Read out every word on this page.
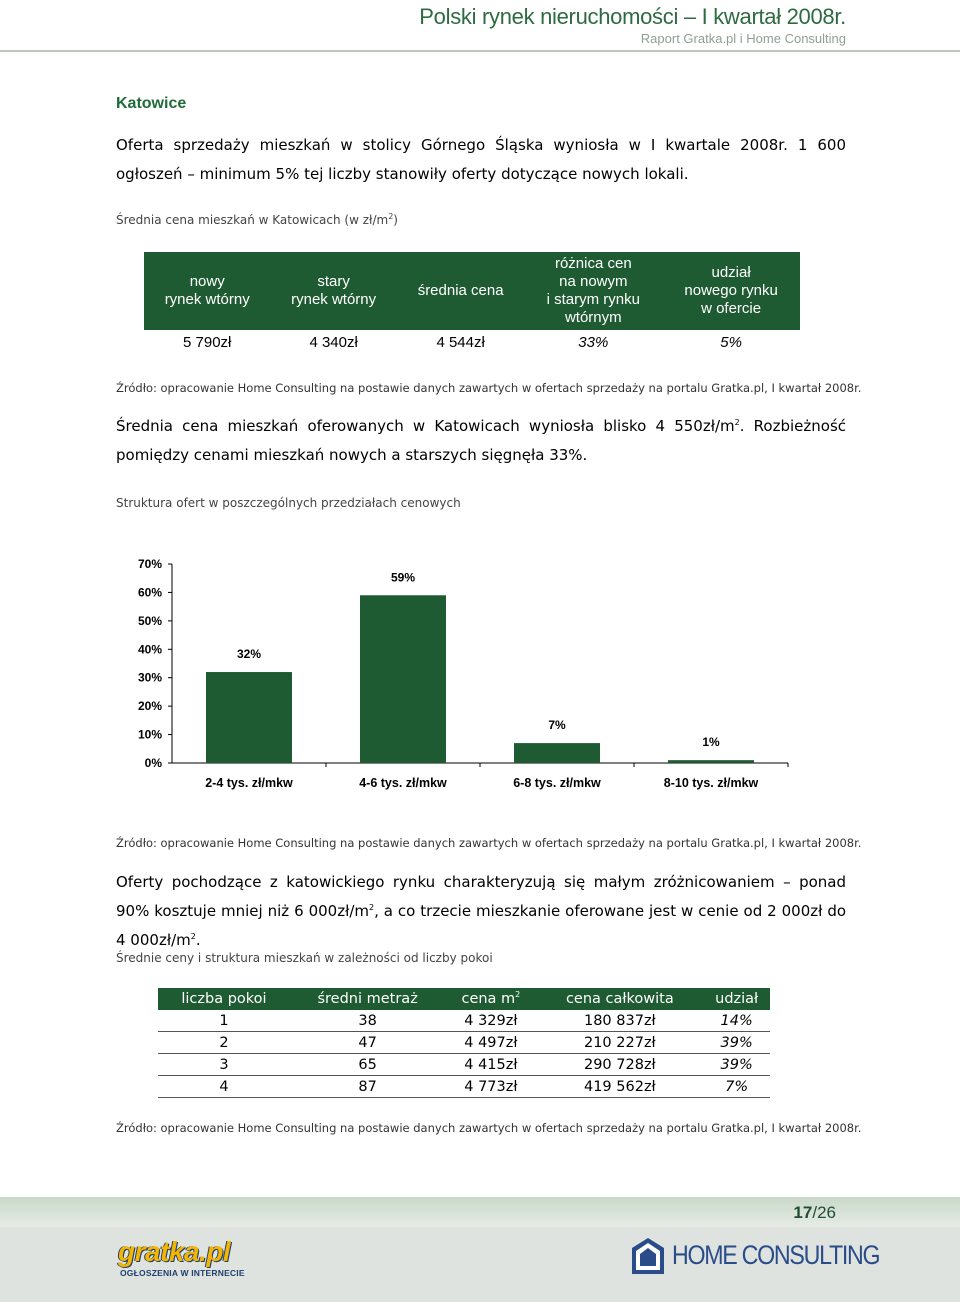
Polski rynek nieruchomości – I kwartał 2008r.
Raport Gratka.pl i Home Consulting
Katowice

Oferta sprzedaży mieszkań w stolicy Górnego Śląska wyniosła w I kwartale 2008r. 1 600 ogłoszeń – minimum 5% tej liczby stanowiły oferty dotyczące nowych lokali.

Średnia cena mieszkań w Katowicach (w $zł/m^2$)
nowy
rynek wtórny	stary
rynek wtórny	średnia cena	różnica cen
na nowym
i starym rynku
wtórnym	udział
nowego rynku
w ofercie
5 790zł	4 340zł	4 544zł	33%	5%
Źródło: opracowanie Home Consulting na postawie danych zawartych w ofertach sprzedaży na portalu Gratka.pl, I kwartał 2008r.

Średnia cena mieszkań oferowanych w Katowicach wyniosła blisko 4 $550zł/m^2$. Rozbieżność pomiędzy cenami mieszkań nowych a starszych sięgnęła 33%.

Struktura ofert w poszczególnych przedziałach cenowych
0%
10%
20%
30%
40%
50%
60%
70%
32%
59%
7%
1%
2-4 tys. zł/mkw	4-6 tys. zł/mkw	6-8 tys. zł/mkw	8-10 tys. zł/mkw
Źródło: opracowanie Home Consulting na postawie danych zawartych w ofertach sprzedaży na portalu Gratka.pl, I kwartał 2008r.

Oferty pochodzące z katowickiego rynku charakteryzują się małym zróżnicowaniem – ponad 90% kosztuje mniej niż 6 $000zł/m^2$, a co trzecie mieszkanie oferowane jest w cenie od 2 000zł do 4 $000zł/m^2$.

Średnie ceny i struktura mieszkań w zależności od liczby pokoi
liczba pokoi	średni metraż	cena $m^2$	cena całkowita	udział
1	38	4 329zł	180 837zł	14%
2	47	4 497zł	210 227zł	39%
3	65	4 415zł	290 728zł	39%
4	87	4 773zł	419 562zł	7%
Źródło: opracowanie Home Consulting na postawie danych zawartych w ofertach sprzedaży na portalu Gratka.pl, I kwartał 2008r.
17/26
gratka.pl
OGŁOSZENIA W INTERNECIE
HOME CONSULTING
